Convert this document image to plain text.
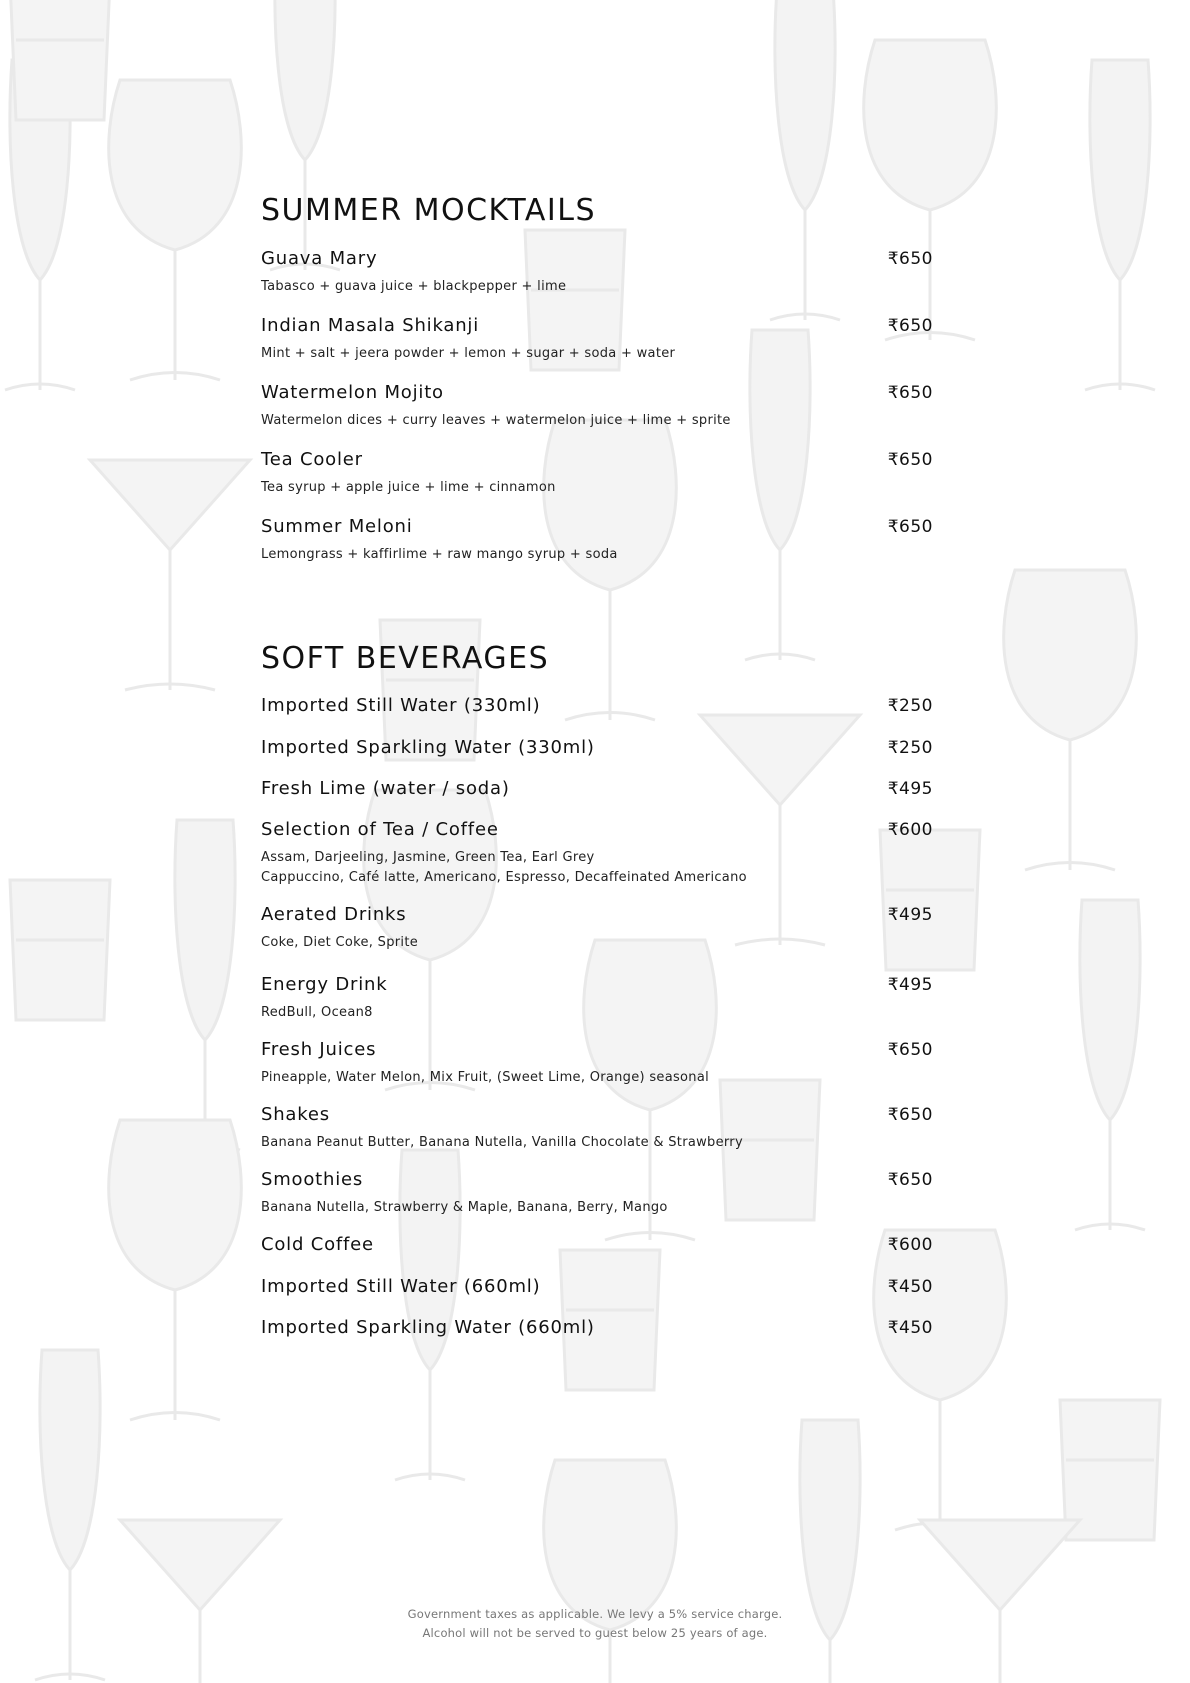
SUMMER MOCKTAILS
Guava Mary	₹650
Tabasco + guava juice + blackpepper + lime
Indian Masala Shikanji	₹650
Mint + salt + jeera powder + lemon + sugar + soda + water
Watermelon Mojito	₹650
Watermelon dices + curry leaves + watermelon juice + lime + sprite
Tea Cooler	₹650
Tea syrup + apple juice + lime + cinnamon
Summer Meloni	₹650
Lemongrass + kaffirlime + raw mango syrup + soda
SOFT BEVERAGES
Imported Still Water (330ml)	₹250
Imported Sparkling Water (330ml)	₹250
Fresh Lime (water / soda)	₹495
Selection of Tea / Coffee	₹600
Assam, Darjeeling, Jasmine, Green Tea, Earl Grey
Cappuccino, Café latte, Americano, Espresso, Decaffeinated Americano
Aerated Drinks	₹495
Coke, Diet Coke, Sprite
Energy Drink	₹495
RedBull, Ocean8
Fresh Juices	₹650
Pineapple, Water Melon, Mix Fruit, (Sweet Lime, Orange) seasonal
Shakes	₹650
Banana Peanut Butter, Banana Nutella, Vanilla Chocolate & Strawberry
Smoothies	₹650
Banana Nutella, Strawberry & Maple, Banana, Berry, Mango
Cold Coffee	₹600
Imported Still Water (660ml)	₹450
Imported Sparkling Water (660ml)	₹450
Government taxes as applicable. We levy a 5% service charge.
Alcohol will not be served to guest below 25 years of age.
